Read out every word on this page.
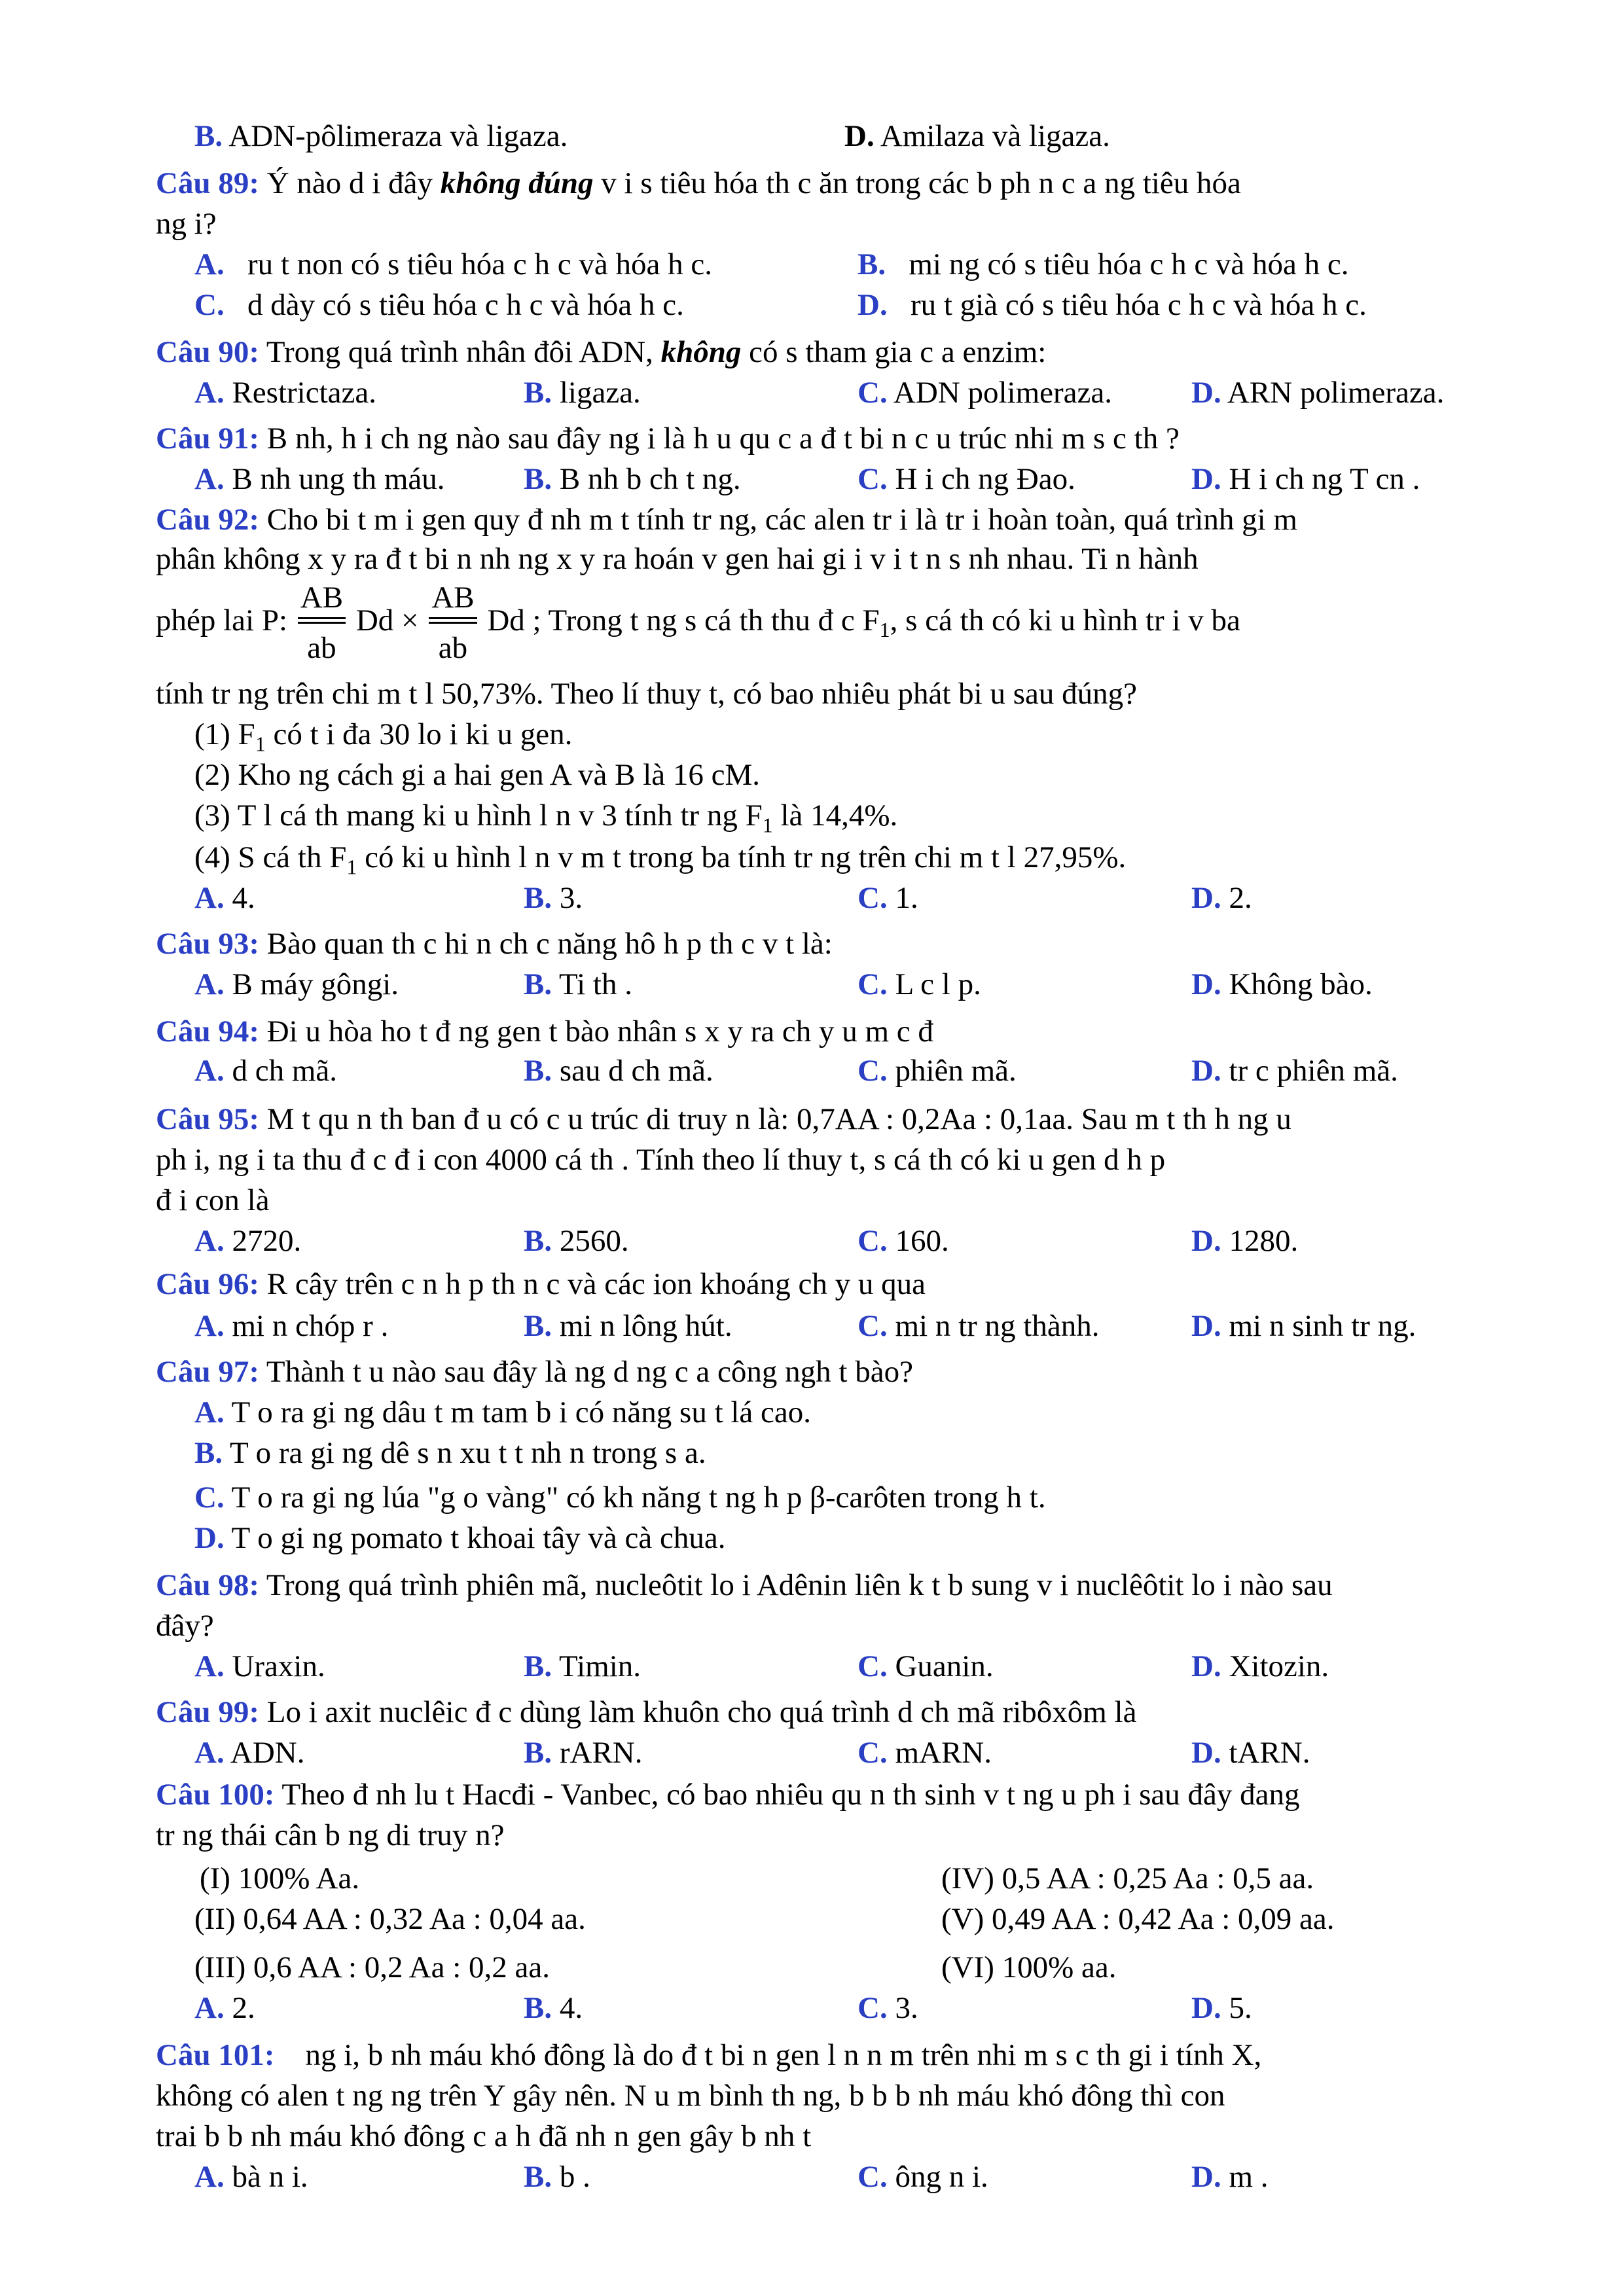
B. ADN-pôlimeraza và ligaza.	D. Amilaza và ligaza.
Câu 89: Ý nào d i đây không đúng v i s tiêu hóa th c ăn trong các b ph n c a ng tiêu hóa
ng i?
A. ru t non có s tiêu hóa c h c và hóa h c.	B. mi ng có s tiêu hóa c h c và hóa h c.
C. d dày có s tiêu hóa c h c và hóa h c.	D. ru t già có s tiêu hóa c h c và hóa h c.
Câu 90: Trong quá trình nhân đôi ADN, không có s tham gia c a enzim:
A. Restrictaza.	B. ligaza.	C. ADN polimeraza.	D. ARN polimeraza.
Câu 91: B nh, h i ch ng nào sau đây ng i là h u qu c a đ t bi n c u trúc nhi m s c th ?
A. B nh ung th máu.	B. B nh b ch t ng.	C. H i ch ng Đao.	D. H i ch ng T cn .
Câu 92: Cho bi t m i gen quy đ nh m t tính tr ng, các alen tr i là tr i hoàn toàn, quá trình gi m
phân không x y ra đ t bi n nh ng x y ra hoán v gen hai gi i v i t n s nh nhau. Ti n hành
phép lai P:
AB
ab
Dd ×
AB
ab
Dd ; Trong t ng s cá th thu đ c $F_1$, s cá th có ki u hình tr i v ba
tính tr ng trên chi m t l 50,73%. Theo lí thuy t, có bao nhiêu phát bi u sau đúng?
(1) $F_1$ có t i đa 30 lo i ki u gen.
(2) Kho ng cách gi a hai gen A và B là 16 cM.
(3) T l cá th mang ki u hình l n v 3 tính tr ng $F_1$ là 14,4%.
(4) S cá th $F_1$ có ki u hình l n v m t trong ba tính tr ng trên chi m t l 27,95%.
A. 4.	B. 3.	C. 1.	D. 2.
Câu 93: Bào quan th c hi n ch c năng hô h p th c v t là:
A. B máy gôngi.	B. Ti th .	C. L c l p.	D. Không bào.
Câu 94: Đi u hòa ho t đ ng gen t bào nhân s x y ra ch y u m c đ
A. d ch mã.	B. sau d ch mã.	C. phiên mã.	D. tr c phiên mã.
Câu 95: M t qu n th ban đ u có c u trúc di truy n là: 0,7AA : 0,2Aa : 0,1aa. Sau m t th h ng u
ph i, ng i ta thu đ c đ i con 4000 cá th . Tính theo lí thuy t, s cá th có ki u gen d h p
đ i con là
A. 2720.	B. 2560.	C. 160.	D. 1280.
Câu 96: R cây trên c n h p th n c và các ion khoáng ch y u qua
A. mi n chóp r .	B. mi n lông hút.	C. mi n tr ng thành.	D. mi n sinh tr ng.
Câu 97: Thành t u nào sau đây là ng d ng c a công ngh t bào?
A. T o ra gi ng dâu t m tam b i có năng su t lá cao.
B. T o ra gi ng dê s n xu t t nh n trong s a.
C. T o ra gi ng lúa "g o vàng" có kh năng t ng h p β-carôten trong h t.
D. T o gi ng pomato t khoai tây và cà chua.
Câu 98: Trong quá trình phiên mã, nucleôtit lo i Adênin liên k t b sung v i nuclêôtit lo i nào sau
đây?
A. Uraxin.	B. Timin.	C. Guanin.	D. Xitozin.
Câu 99: Lo i axit nuclêic đ c dùng làm khuôn cho quá trình d ch mã ribôxôm là
A. ADN.	B. rARN.	C. mARN.	D. tARN.
Câu 100: Theo đ nh lu t Hacđi - Vanbec, có bao nhiêu qu n th sinh v t ng u ph i sau đây đang
tr ng thái cân b ng di truy n?
(I) 100% Aa.	(IV) 0,5 AA : 0,25 Aa : 0,5 aa.
(II) 0,64 AA : 0,32 Aa : 0,04 aa.	(V) 0,49 AA : 0,42 Aa : 0,09 aa.
(III) 0,6 AA : 0,2 Aa : 0,2 aa.	(VI) 100% aa.
A. 2.	B. 4.	C. 3.	D. 5.
Câu 101: ng i, b nh máu khó đông là do đ t bi n gen l n n m trên nhi m s c th gi i tính X,
không có alen t ng ng trên Y gây nên. N u m bình th ng, b b b nh máu khó đông thì con
trai b b nh máu khó đông c a h đã nh n gen gây b nh t
A. bà n i.	B. b .	C. ông n i.	D. m .
